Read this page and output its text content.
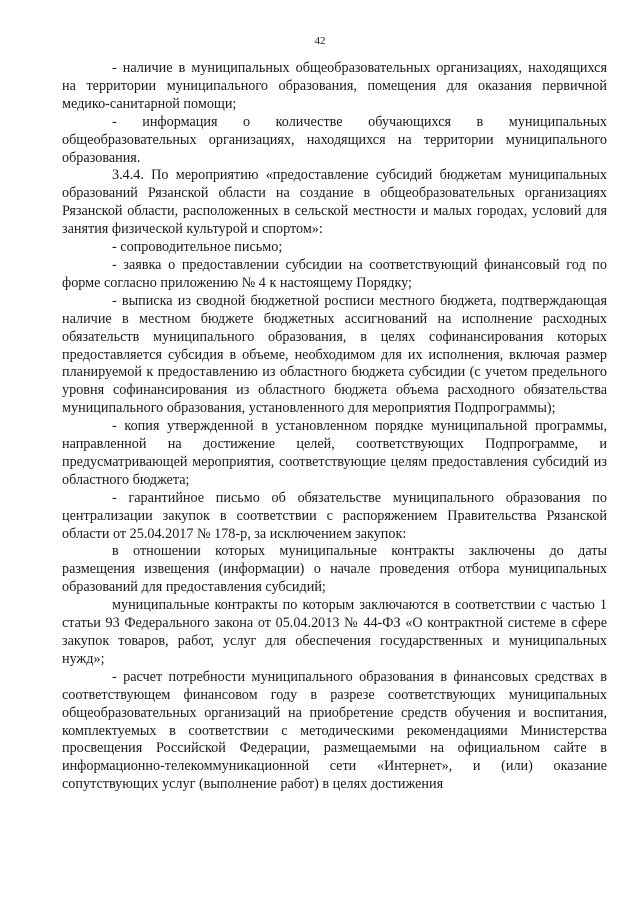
42

- наличие в муниципальных общеобразовательных организациях, находящихся на территории муниципального образования, помещения для оказания первичной медико-санитарной помощи;

- информация о количестве обучающихся в муниципальных общеобразовательных организациях, находящихся на территории муниципального образования.

3.4.4. По мероприятию «предоставление субсидий бюджетам муниципальных образований Рязанской области на создание в общеобразовательных организациях Рязанской области, расположенных в сельской местности и малых городах, условий для занятия физической культурой и спортом»:

- сопроводительное письмо;

- заявка о предоставлении субсидии на соответствующий финансовый год по форме согласно приложению № 4 к настоящему Порядку;

- выписка из сводной бюджетной росписи местного бюджета, подтверждающая наличие в местном бюджете бюджетных ассигнований на исполнение расходных обязательств муниципального образования, в целях софинансирования которых предоставляется субсидия в объеме, необходимом для их исполнения, включая размер планируемой к предоставлению из областного бюджета субсидии (с учетом предельного уровня софинансирования из областного бюджета объема расходного обязательства муниципального образования, установленного для мероприятия Подпрограммы);

- копия утвержденной в установленном порядке муниципальной программы, направленной на достижение целей, соответствующих Подпрограмме, и предусматривающей мероприятия, соответствующие целям предоставления субсидий из областного бюджета;

- гарантийное письмо об обязательстве муниципального образования по централизации закупок в соответствии с распоряжением Правительства Рязанской области от 25.04.2017 № 178-р, за исключением закупок:

в отношении которых муниципальные контракты заключены до даты размещения извещения (информации) о начале проведения отбора муниципальных образований для предоставления субсидий;

муниципальные контракты по которым заключаются в соответствии с частью 1 статьи 93 Федерального закона от 05.04.2013 № 44-ФЗ «О контрактной системе в сфере закупок товаров, работ, услуг для обеспечения государственных и муниципальных нужд»;

- расчет потребности муниципального образования в финансовых средствах в соответствующем финансовом году в разрезе соответствующих муниципальных общеобразовательных организаций на приобретение средств обучения и воспитания, комплектуемых в соответствии с методическими рекомендациями Министерства просвещения Российской Федерации, размещаемыми на официальном сайте в информационно-телекоммуникационной сети «Интернет», и (или) оказание сопутствующих услуг (выполнение работ) в целях достижения
